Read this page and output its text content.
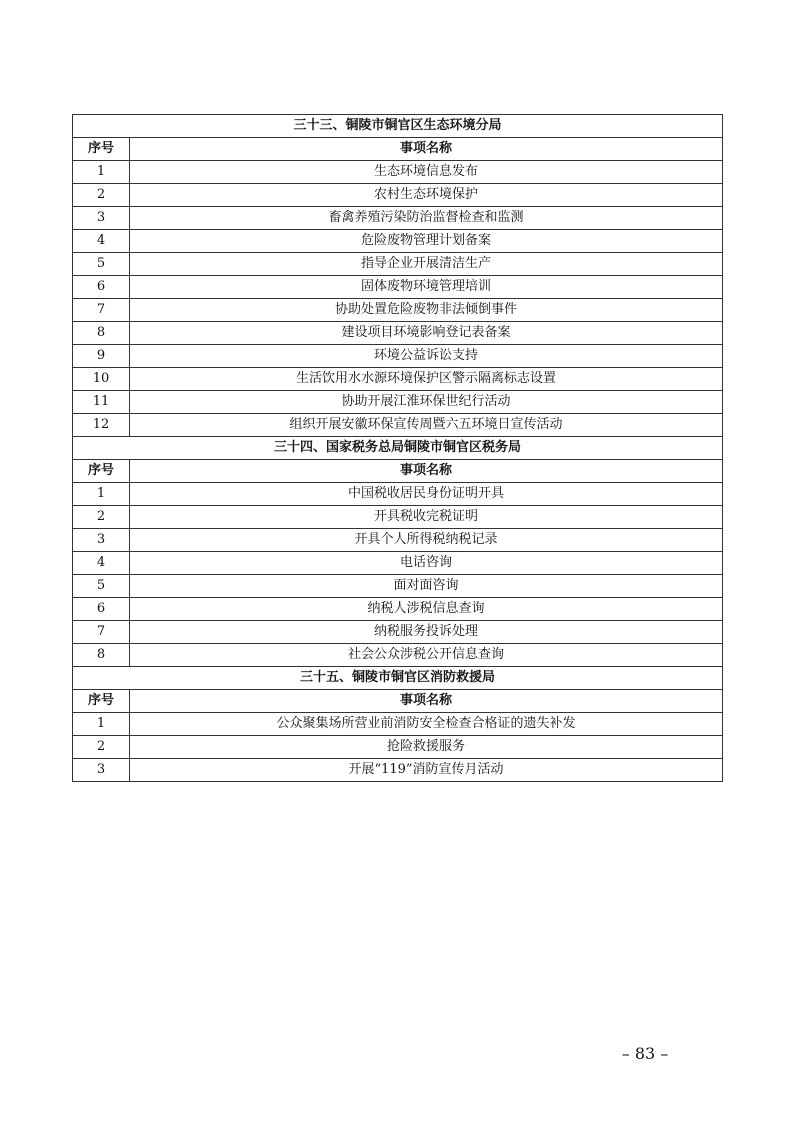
三十三、铜陵市铜官区生态环境分局	
序号	事项名称
1	生态环境信息发布
2	农村生态环境保护
3	畜禽养殖污染防治监督检查和监测
4	危险废物管理计划备案
5	指导企业开展清洁生产
6	固体废物环境管理培训
7	协助处置危险废物非法倾倒事件
8	建设项目环境影响登记表备案
9	环境公益诉讼支持
10	生活饮用水水源环境保护区警示隔离标志设置
11	协助开展江淮环保世纪行活动
12	组织开展安徽环保宣传周暨六五环境日宣传活动
三十四、国家税务总局铜陵市铜官区税务局	
序号	事项名称
1	中国税收居民身份证明开具
2	开具税收完税证明
3	开具个人所得税纳税记录
4	电话咨询
5	面对面咨询
6	纳税人涉税信息查询
7	纳税服务投诉处理
8	社会公众涉税公开信息查询
三十五、铜陵市铜官区消防救援局	
序号	事项名称
1	公众聚集场所营业前消防安全检查合格证的遗失补发
2	抢险救援服务
3	开展“119”消防宣传月活动
– 83 –
